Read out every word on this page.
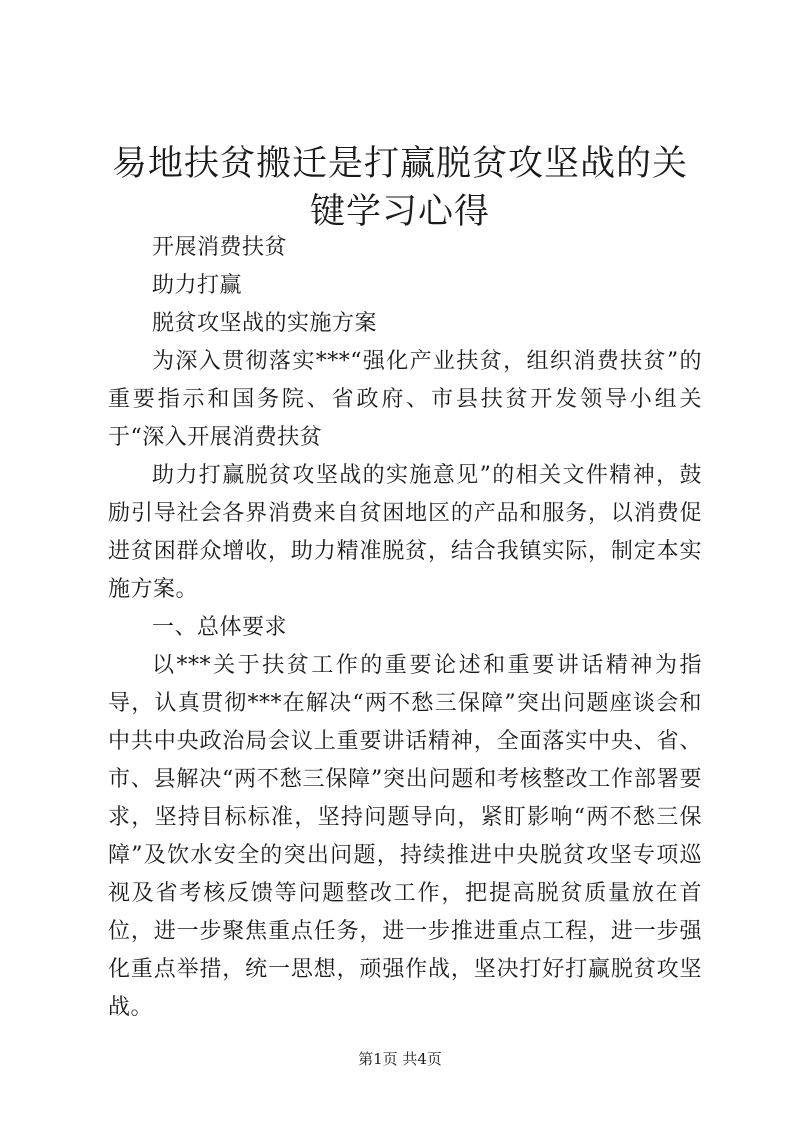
易地扶贫搬迁是打赢脱贫攻坚战的关键学习心得

开展消费扶贫

助力打赢

脱贫攻坚战的实施方案

为深入贯彻落实***“强化产业扶贫，组织消费扶贫”的重要指示和国务院、省政府、市县扶贫开发领导小组关于“深入开展消费扶贫

助力打赢脱贫攻坚战的实施意见”的相关文件精神，鼓励引导社会各界消费来自贫困地区的产品和服务，以消费促进贫困群众增收，助力精准脱贫，结合我镇实际，制定本实施方案。

一、总体要求

以***关于扶贫工作的重要论述和重要讲话精神为指导，认真贯彻***在解决“两不愁三保障”突出问题座谈会和中共中央政治局会议上重要讲话精神，全面落实中央、省、市、县解决“两不愁三保障”突出问题和考核整改工作部署要求，坚持目标标准，坚持问题导向，紧盯影响“两不愁三保障”及饮水安全的突出问题，持续推进中央脱贫攻坚专项巡视及省考核反馈等问题整改工作，把提高脱贫质量放在首位，进一步聚焦重点任务，进一步推进重点工程，进一步强化重点举措，统一思想，顽强作战，坚决打好打赢脱贫攻坚战。

第1页 共4页
